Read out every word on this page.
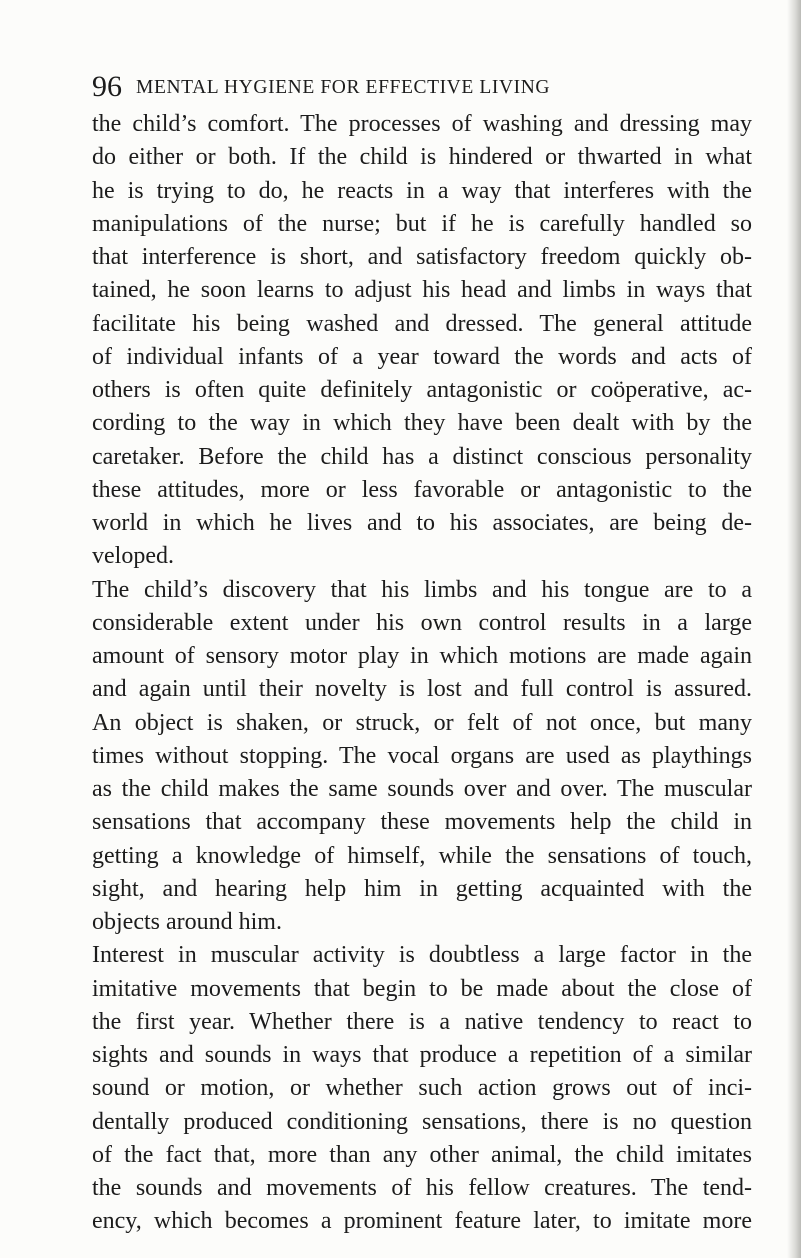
96 MENTAL HYGIENE FOR EFFECTIVE LIVING
the child’s comfort. The processes of washing and dressing may
do either or both. If the child is hindered or thwarted in what
he is trying to do, he reacts in a way that interferes with the
manipulations of the nurse; but if he is carefully handled so
that interference is short, and satisfactory freedom quickly ob-
tained, he soon learns to adjust his head and limbs in ways that
facilitate his being washed and dressed. The general attitude
of individual infants of a year toward the words and acts of
others is often quite definitely antagonistic or coöperative, ac-
cording to the way in which they have been dealt with by the
caretaker. Before the child has a distinct conscious personality
these attitudes, more or less favorable or antagonistic to the
world in which he lives and to his associates, are being de-
veloped.
The child’s discovery that his limbs and his tongue are to a
considerable extent under his own control results in a large
amount of sensory motor play in which motions are made again
and again until their novelty is lost and full control is assured.
An object is shaken, or struck, or felt of not once, but many
times without stopping. The vocal organs are used as playthings
as the child makes the same sounds over and over. The muscular
sensations that accompany these movements help the child in
getting a knowledge of himself, while the sensations of touch,
sight, and hearing help him in getting acquainted with the
objects around him.
Interest in muscular activity is doubtless a large factor in the
imitative movements that begin to be made about the close of
the first year. Whether there is a native tendency to react to
sights and sounds in ways that produce a repetition of a similar
sound or motion, or whether such action grows out of inci-
dentally produced conditioning sensations, there is no question
of the fact that, more than any other animal, the child imitates
the sounds and movements of his fellow creatures. The tend-
ency, which becomes a prominent feature later, to imitate more
